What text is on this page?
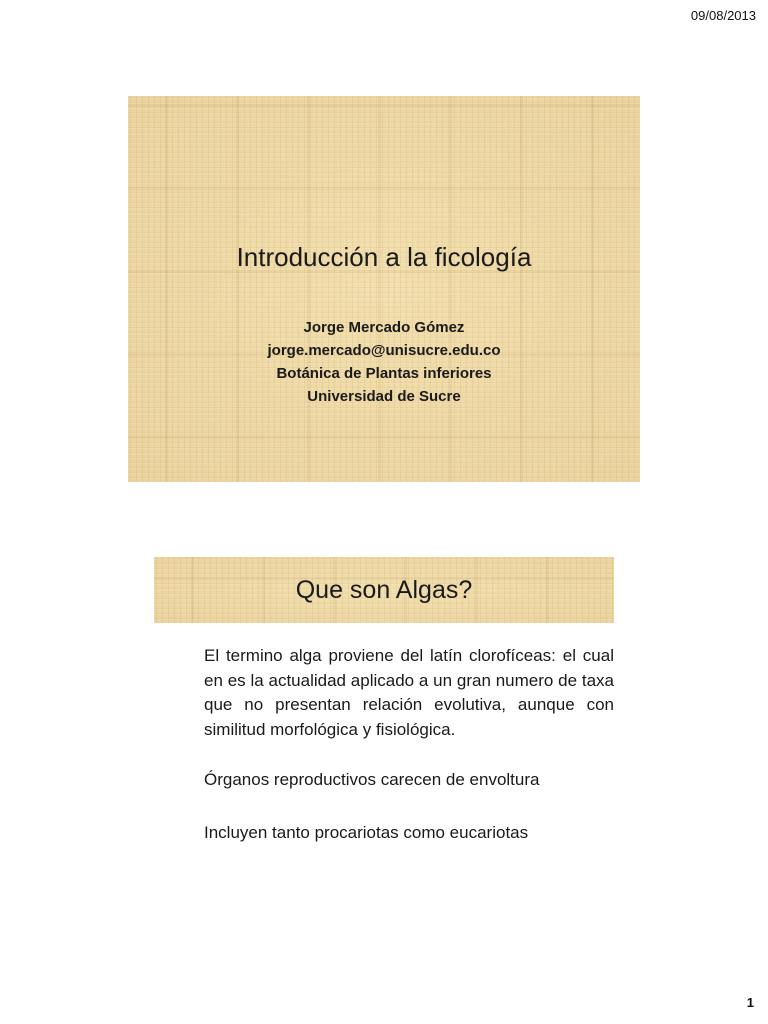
09/08/2013
Introducción a la ficología
Jorge Mercado Gómez
jorge.mercado@unisucre.edu.co
Botánica de Plantas inferiores
Universidad de Sucre
Que son Algas?

El termino alga proviene del latín clorofíceas: el cual en es la actualidad aplicado a un gran numero de taxa que no presentan relación evolutiva, aunque con similitud morfológica y fisiológica.

Órganos reproductivos carecen de envoltura

Incluyen tanto procariotas como eucariotas

1
